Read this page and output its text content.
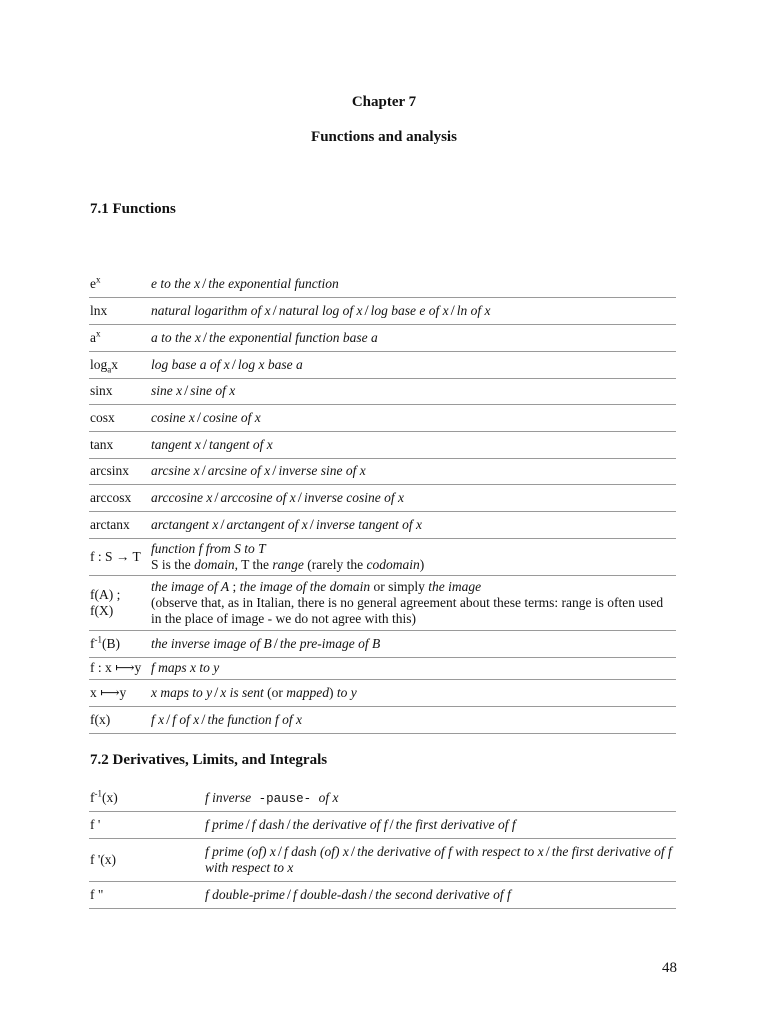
Chapter 7
Functions and analysis
7.1 Functions
$e^x$	e to the x / the exponential function
lnx	natural logarithm of x / natural log of x / log base e of x / ln of x
$a^x$	a to the x / the exponential function base a
$\log_ax$	log base a of x / log x base a
sinx	sine x / sine of x
cosx	cosine x / cosine of x
tanx	tangent x / tangent of x
arcsinx	arcsine x / arcsine of x / inverse sine of x
arccosx	arccosine x / arccosine of x / inverse cosine of x
arctanx	arctangent x / arctangent of x / inverse tangent of x
f : S → T	function f from S to T
S is the domain, T the range (rarely the codomain)
f(A) ;
f(X)	the image of A ; the image of the domain or simply the image
(observe that, as in Italian, there is no general agreement about these terms: range is often used in the place of image - we do not agree with this)
$f^{-1}(B)$	the inverse image of B / the pre-image of B
f : x ⟼y	f maps x to y
x ⟼y	x maps to y / x is sent (or mapped) to y
f(x)	f x / f of x / the function f of x
7.2 Derivatives, Limits, and Integrals
$f^{-1}(x)$	f inverse -pause- of x
f '	f prime / f dash / the derivative of f / the first derivative of f
f '(x)	f prime (of) x / f dash (of) x / the derivative of f with respect to x / the first derivative of f with respect to x
f "	f double-prime / f double-dash / the second derivative of f
48
